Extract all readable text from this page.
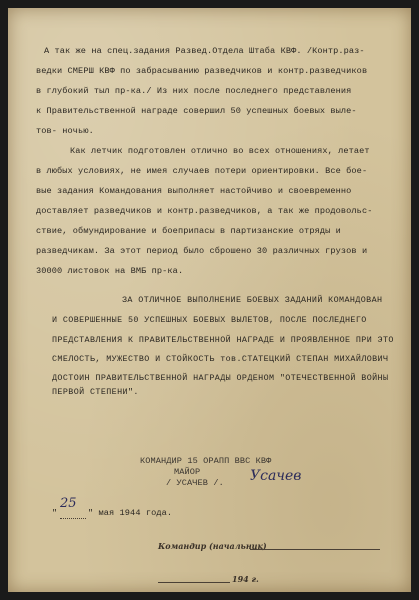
А так же на спец.задания Развед.Отдела Штаба КВФ. /Контр.раз-
ведки СМЕРШ КВФ по забрасыванию разведчиков и контр.разведчиков
в глубокий тыл пр-ка./ Из них после последнего представления
к Правительственной награде совершил 50 успешных боевых выле-
тов- ночью.
Как летчик подготовлен отлично во всех отношениях, летает
в любых условиях, не имея случаев потери ориентировки. Все бое-
вые задания Командования выполняет настойчиво и своевременно
доставляет разведчиков и контр.разведчиков, а так же продовольс-
ствие, обмундирование и боеприпасы в партизанские отряды и
разведчикам. За этот период было сброшено 30 различных грузов и
30000 листовок на ВМБ пр-ка.
ЗА ОТЛИЧНОЕ ВЫПОЛНЕНИЕ БОЕВЫХ ЗАДАНИЙ КОМАНДОВАН
И СОВЕРШЕННЫЕ 50 УСПЕШНЫХ БОЕВЫХ ВЫЛЕТОВ, ПОСЛЕ ПОСЛЕДНЕГО
ПРЕДСТАВЛЕНИЯ К ПРАВИТЕЛЬСТВЕННОЙ НАГРАДЕ И ПРОЯВЛЕННОЕ ПРИ ЭТО
СМЕЛОСТЬ, МУЖЕСТВО И СТОЙКОСТЬ тов.СТАТЕЦКИЙ СТЕПАН МИХАЙЛОВИЧ
ДОСТОИН ПРАВИТЕЛЬСТВЕННОЙ НАГРАДЫ ОРДЕНОМ "ОТЕЧЕСТВЕННОЙ ВОЙНЫ
ПЕРВОЙ СТЕПЕНИ".
КОМАНДИР 15 ОРАПП ВВС КВФ
МАЙОР
/ УСАЧЕВ /. Усачев
"
25
" мая 1944 года.
Командир (начальник)
194 г.
